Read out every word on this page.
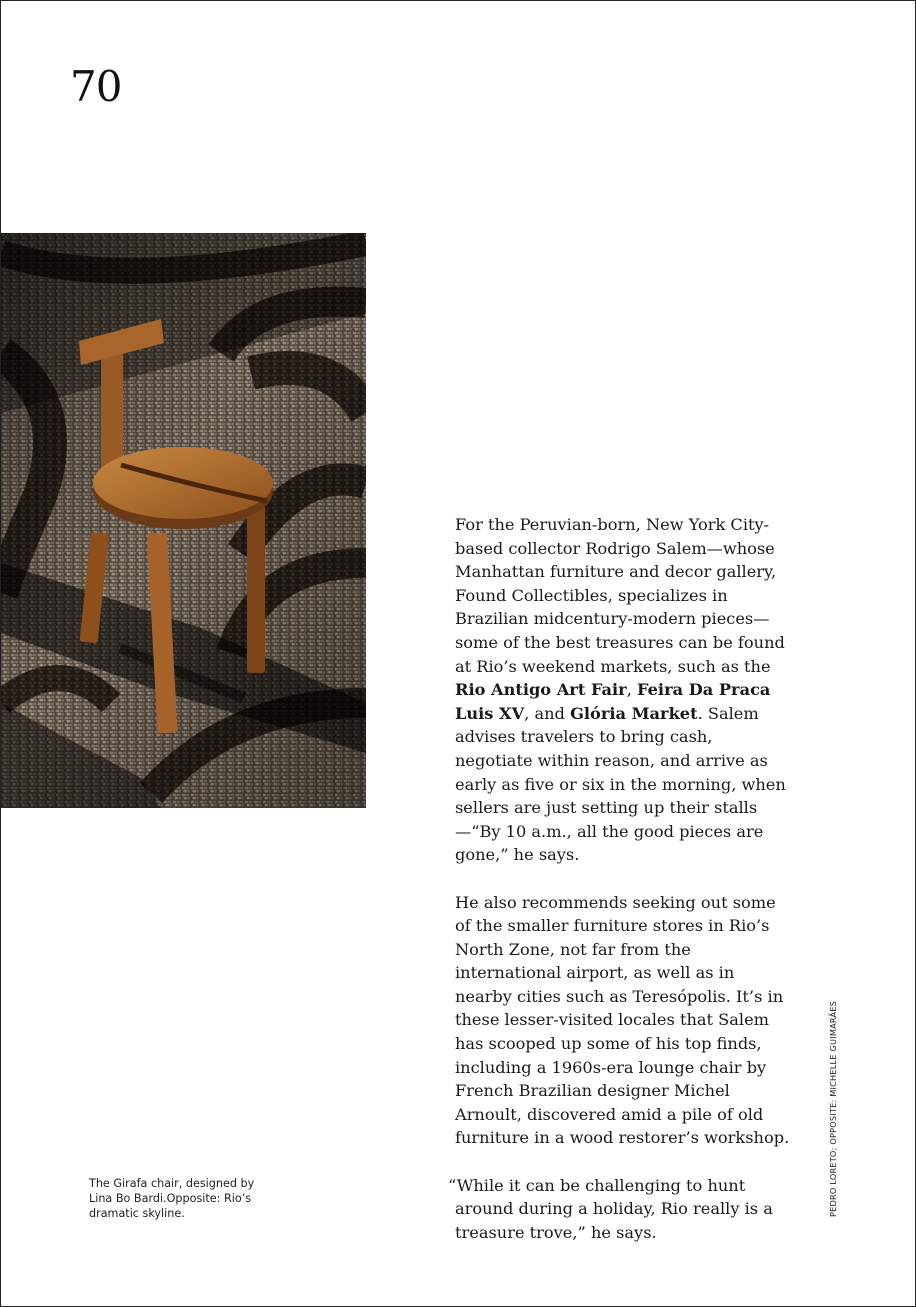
70

For the Peruvian-born, New York City-based collector Rodrigo Salem—whose Manhattan furniture and decor gallery, Found Collectibles, specializes in Brazilian midcentury-modern pieces—some of the best treasures can be found at Rio’s weekend markets, such as the Rio Antigo Art Fair, Feira Da Praca Luis XV, and Glória Market. Salem advises travelers to bring cash, negotiate within reason, and arrive as early as five or six in the morning, when sellers are just setting up their stalls—“By 10 a.m., all the good pieces are gone,” he says.

He also recommends seeking out some of the smaller furniture stores in Rio’s North Zone, not far from the international airport, as well as in nearby cities such as Teresópolis. It’s in these lesser-visited locales that Salem has scooped up some of his top finds, including a 1960s-era lounge chair by French Brazilian designer Michel Arnoult, discovered amid a pile of old furniture in a wood restorer’s workshop.

“While it can be challenging to hunt around during a holiday, Rio really is a treasure trove,” he says.

The Girafa chair, designed by Lina Bo Bardi.Opposite: Rio’s dramatic skyline.	PEDRO LORETO; OPPOSITE: MICHELLE GUIMARÃES
